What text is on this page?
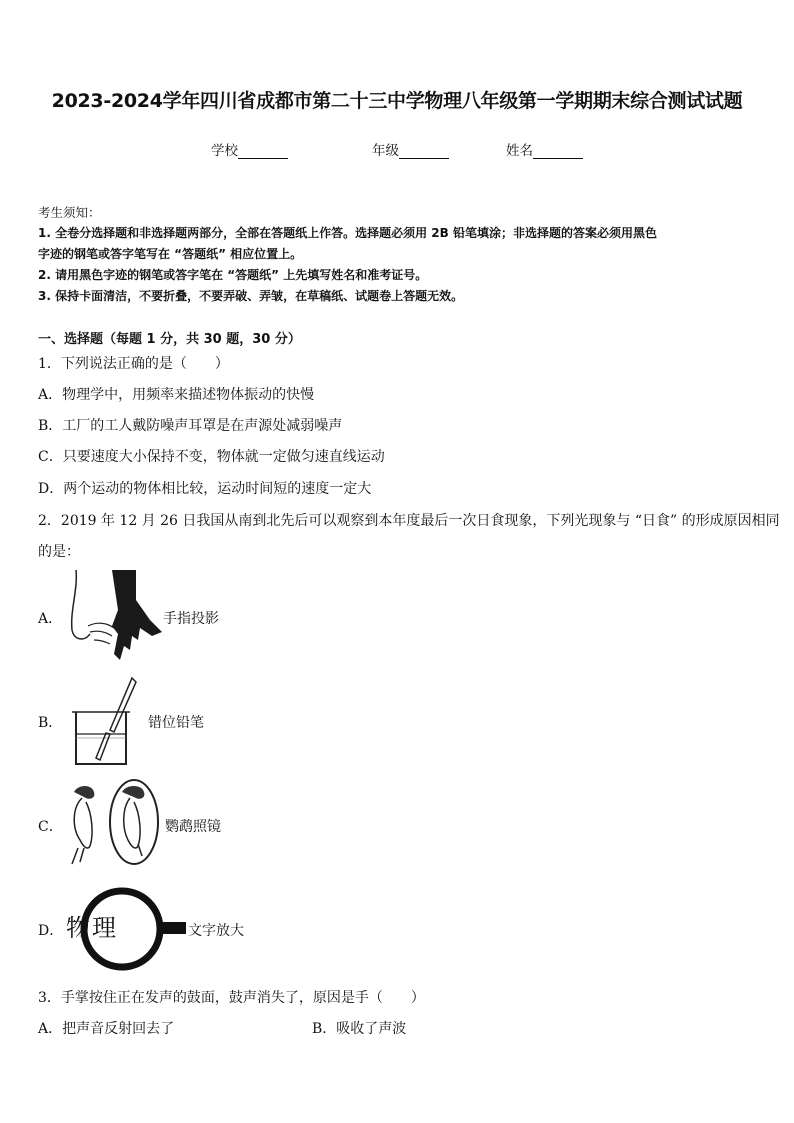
2023-2024学年四川省成都市第二十三中学物理八年级第一学期期末综合测试试题
学校	年级	姓名
考生须知：
1. 全卷分选择题和非选择题两部分，全部在答题纸上作答。选择题必须用 2B 铅笔填涂；非选择题的答案必须用黑色
字迹的钢笔或答字笔写在 “答题纸” 相应位置上。
2. 请用黑色字迹的钢笔或答字笔在 “答题纸” 上先填写姓名和准考证号。
3. 保持卡面清洁，不要折叠，不要弄破、弄皱，在草稿纸、试题卷上答题无效。
一、选择题（每题 1 分，共 30 题，30 分）
1．下列说法正确的是（　　）
A．物理学中，用频率来描述物体振动的快慢
B．工厂的工人戴防噪声耳罩是在声源处减弱噪声
C．只要速度大小保持不变，物体就一定做匀速直线运动
D．两个运动的物体相比较，运动时间短的速度一定大
2．2019 年 12 月 26 日我国从南到北先后可以观察到本年度最后一次日食现象，下列光现象与 “日食” 的形成原因相同
的是：
A．	手指投影
B．	错位铅笔
C．	鹦鹉照镜
D． 物理	文字放大
3．手掌按住正在发声的鼓面，鼓声消失了，原因是手（　　）
A．把声音反射回去了	B．吸收了声波
